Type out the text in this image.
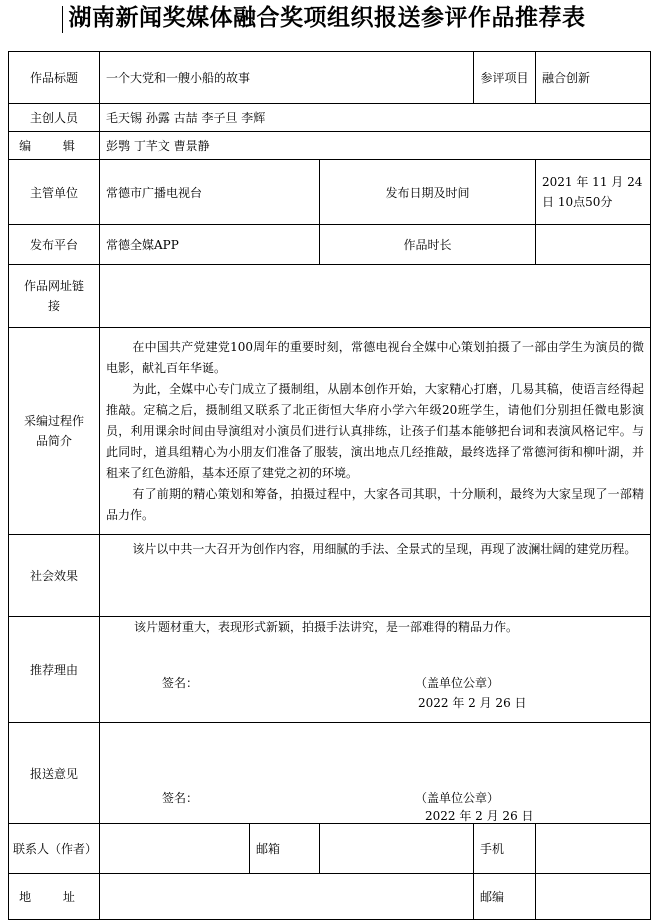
湖南新闻奖媒体融合奖项组织报送参评作品推荐表
作品标题	一个大党和一艘小船的故事			参评项目	融合创新
主创人员	毛天锡 孙露 古喆 李子旦 李辉				
编 辑	彭鹗 丁芊文 曹景静				
主管单位	常德市广播电视台		发布日期及时间		2021 年 11 月 24 日 10点50分
发布平台	常德全媒APP		作品时长		
作品网址链接					
采编过程作品简介	在中国共产党建党100周年的重要时刻，常德电视台全媒中心策划拍摄了一部由学生为演员的微电影，献礼百年华诞。

为此，全媒中心专门成立了摄制组，从剧本创作开始，大家精心打磨，几易其稿，使语言经得起推敲。定稿之后，摄制组又联系了北正街恒大华府小学六年级20班学生，请他们分别担任微电影演员，利用课余时间由导演组对小演员们进行认真排练，让孩子们基本能够把台词和表演风格记牢。与此同时，道具组精心为小朋友们准备了服装，演出地点几经推敲，最终选择了常德河街和柳叶湖，并租来了红色游船，基本还原了建党之初的环境。

有了前期的精心策划和筹备，拍摄过程中，大家各司其职，十分顺利，最终为大家呈现了一部精品力作。				

社会效果	该片以中共一大召开为创作内容，用细腻的手法、全景式的呈现，再现了波澜壮阔的建党历程。				

推荐理由	该片题材重大，表现形式新颖，拍摄手法讲究，是一部难得的精品力作。
签名： （盖单位公章）
2022 年 2 月 26 日				

报送意见	签名： （盖单位公章）
2022 年 2 月 26 日				

联系人（作者）		邮箱		手机	
地 址				邮编	
